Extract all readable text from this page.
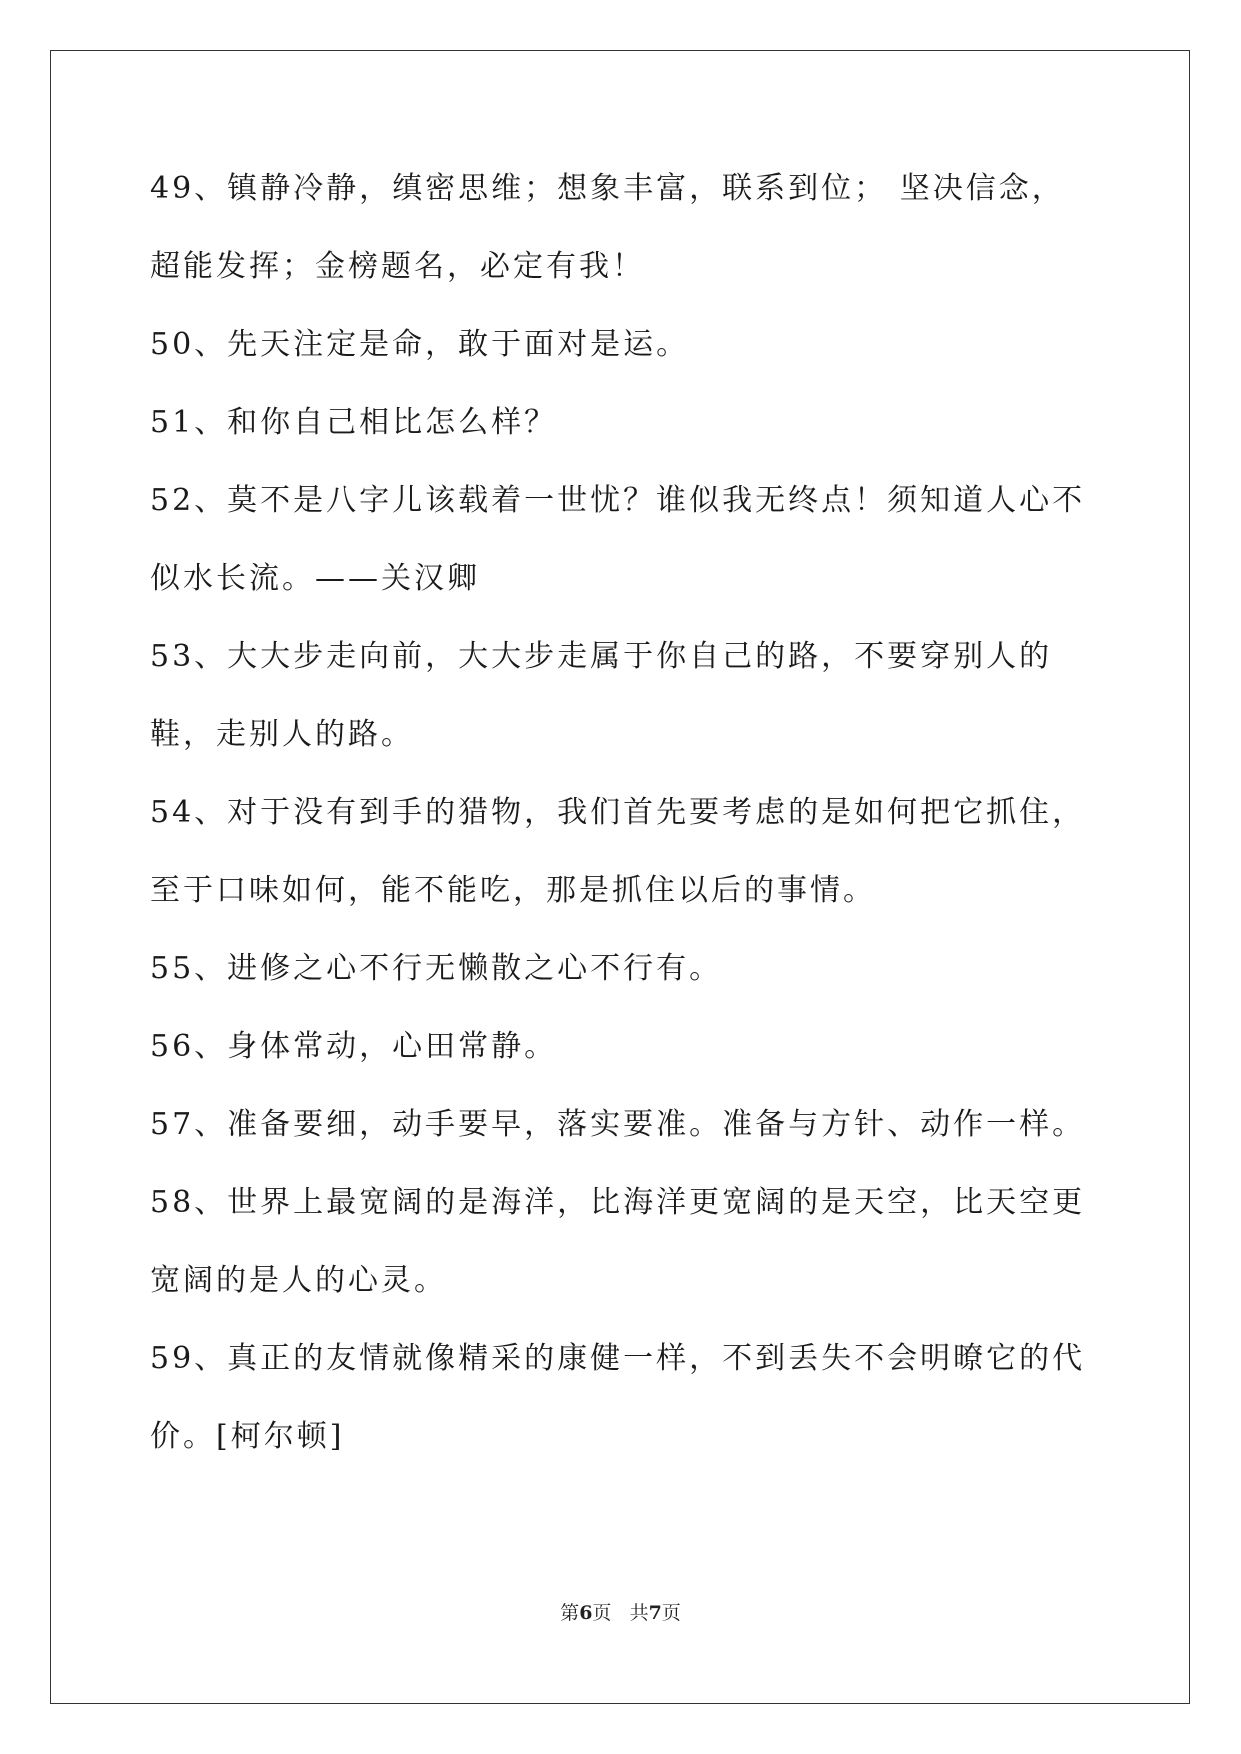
49、镇静冷静，缜密思维；想象丰富，联系到位； 坚决信念，超能发挥；金榜题名，必定有我！

50、先天注定是命，敢于面对是运。

51、和你自己相比怎么样？

52、莫不是八字儿该载着一世忧？谁似我无终点！须知道人心不似水长流。——关汉卿

53、大大步走向前，大大步走属于你自己的路，不要穿别人的鞋，走别人的路。

54、对于没有到手的猎物，我们首先要考虑的是如何把它抓住，至于口味如何，能不能吃，那是抓住以后的事情。

55、进修之心不行无懒散之心不行有。

56、身体常动，心田常静。

57、准备要细，动手要早，落实要准。准备与方针、动作一样。

58、世界上最宽阔的是海洋，比海洋更宽阔的是天空，比天空更宽阔的是人的心灵。

59、真正的友情就像精采的康健一样，不到丢失不会明暸它的代价。[柯尔顿]

第6页 共7页
